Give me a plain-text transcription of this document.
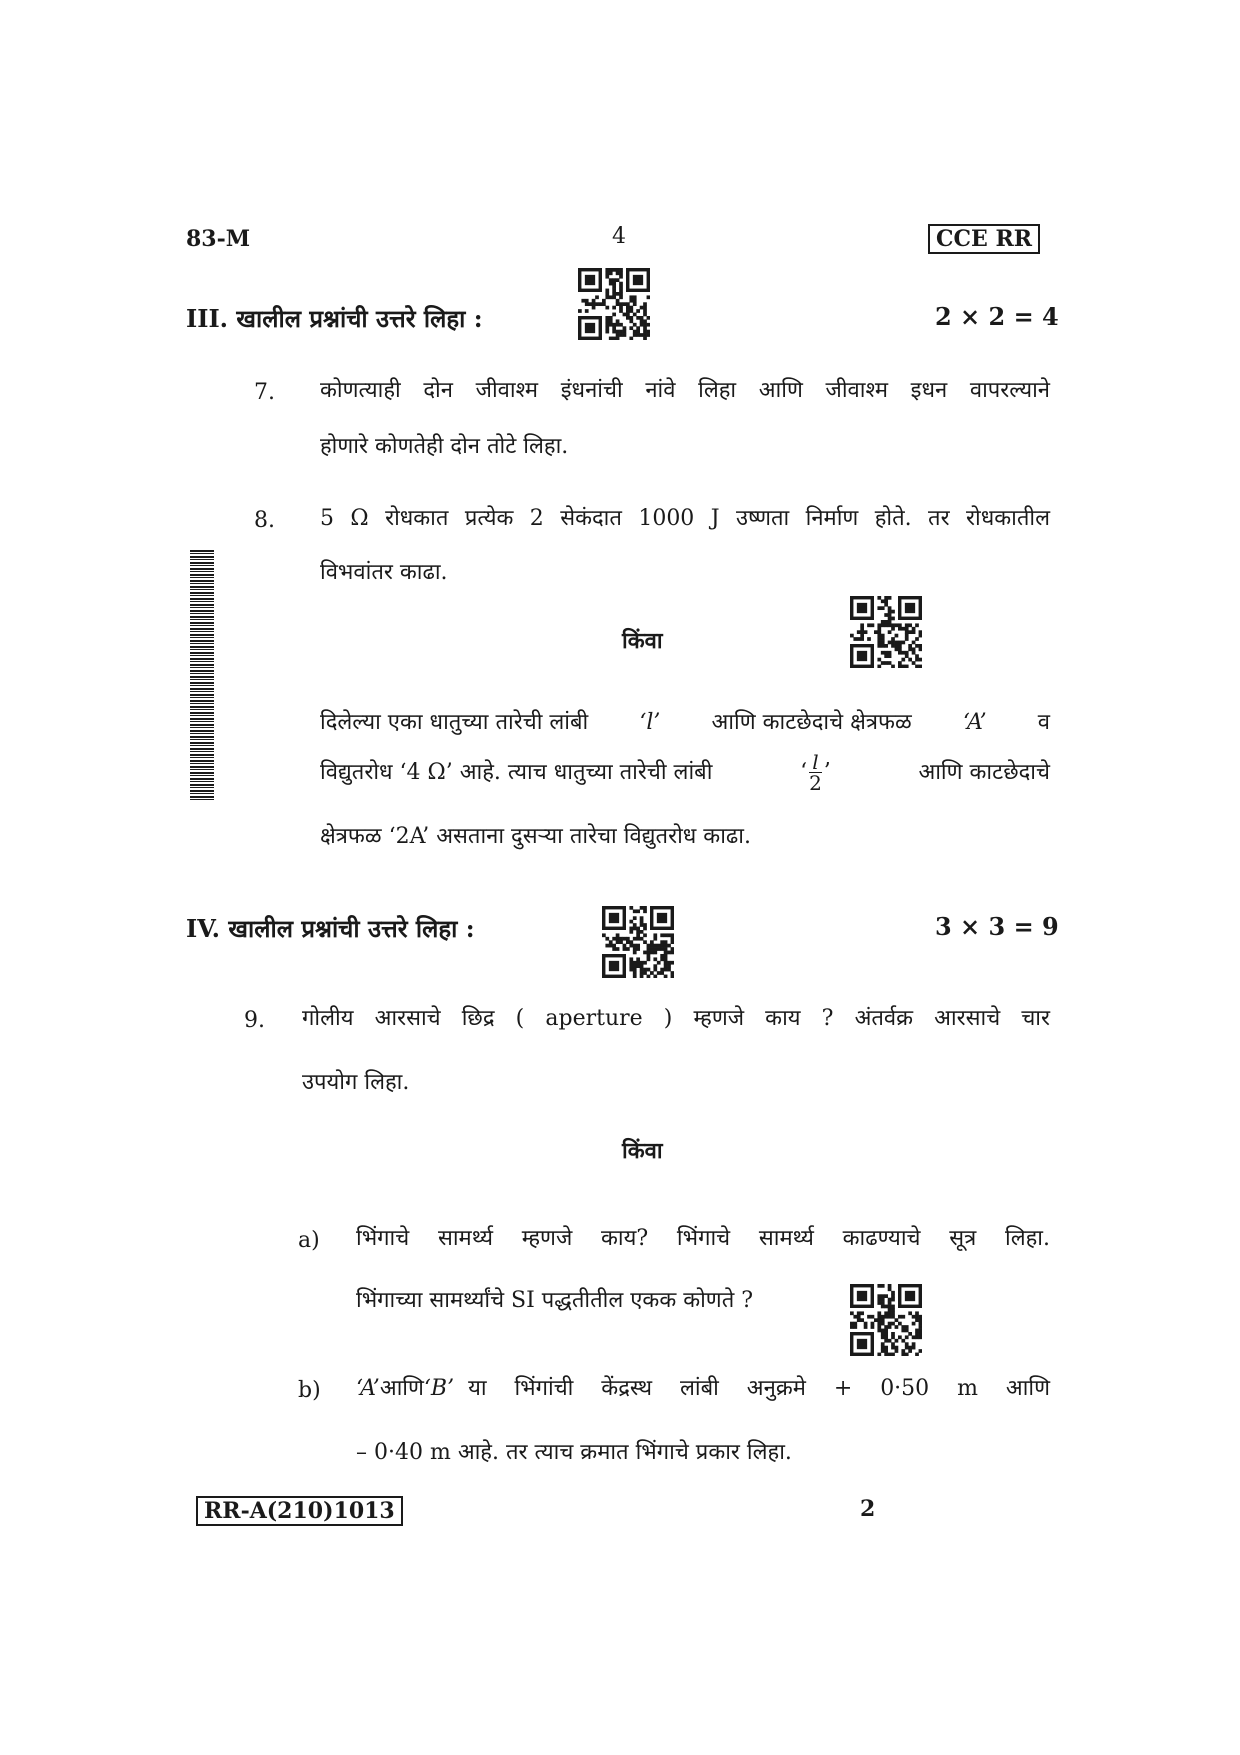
83-M	4	CCE RR
III. खालील प्रश्नांची उत्तरे लिहा :	2 × 2 = 4
7. कोणत्याही दोन जीवाश्म इंधनांची नांवे लिहा आणि जीवाश्म इधन वापरल्याने
होणारे कोणतेही दोन तोटे लिहा.
8. 5 Ω रोधकात प्रत्येक 2 सेकंदात 1000 J उष्णता निर्माण होते. तर रोधकातील
विभवांतर काढा.
किंवा
दिलेल्या एका धातुच्या तारेची लांबी ‘l’ आणि काटछेदाचे क्षेत्रफळ ‘A’ व
विद्युतरोध ‘4 Ω’ आहे. त्याच धातुच्या तारेची लांबी	‘ $\frac{l}{2}$ ’	आणि काटछेदाचे
क्षेत्रफळ ‘2A’ असताना दुसऱ्या तारेचा विद्युतरोध काढा.
IV. खालील प्रश्नांची उत्तरे लिहा :	3 × 3 = 9
9. गोलीय आरसाचे छिद्र ( aperture ) म्हणजे काय ? अंतर्वक्र आरसाचे चार
उपयोग लिहा.
किंवा
a) भिंगाचे सामर्थ्य म्हणजे काय? भिंगाचे सामर्थ्य काढण्याचे सूत्र लिहा.
भिंगाच्या सामर्थ्यांचे SI पद्धतीतील एकक कोणते ?
b) ‘A’ आणि ‘B’ या भिंगांची केंद्रस्थ लांबी अनुक्रमे + 0·50 m आणि
– 0·40 m आहे. तर त्याच क्रमात भिंगाचे प्रकार लिहा.
RR-A(210)1013	2
